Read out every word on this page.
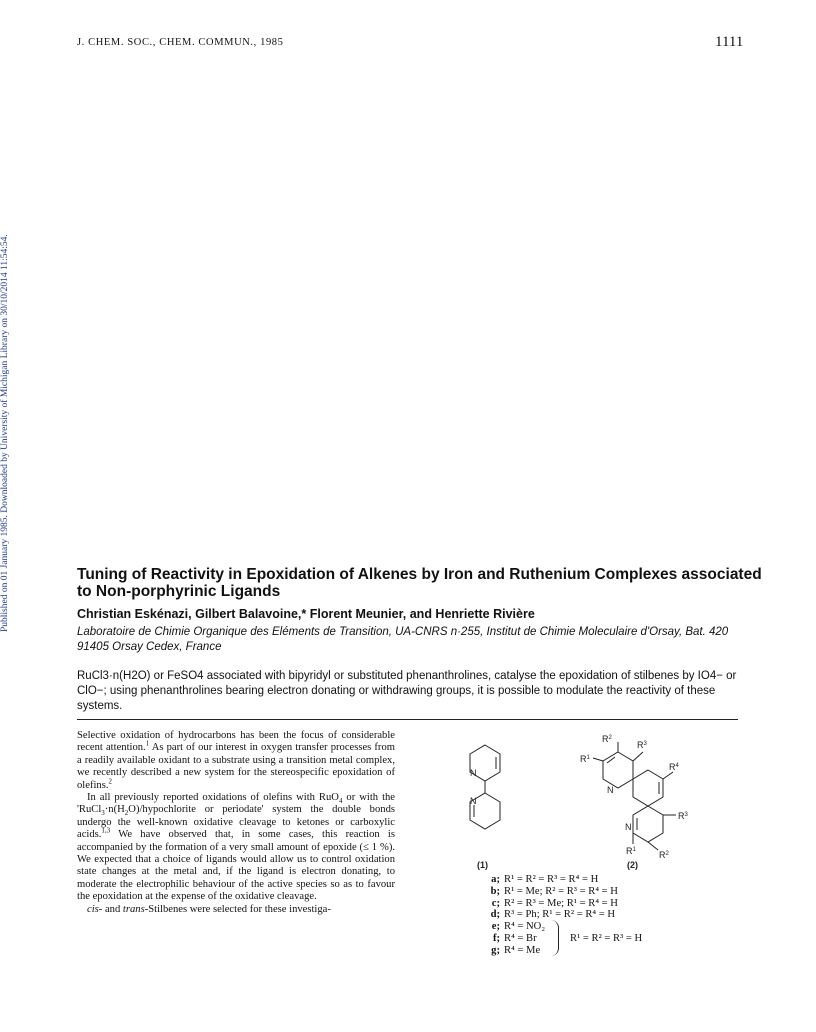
J. CHEM. SOC., CHEM. COMMUN., 1985	1111
Published on 01 January 1985. Downloaded by University of Michigan Library on 30/10/2014 11:54:54.	Tuning of Reactivity in Epoxidation of Alkenes by Iron and Ruthenium Complexes associated to Non-porphyrinic Ligands
Christian Eskénazi, Gilbert Balavoine,* Florent Meunier, and Henriette Rivière
Laboratoire de Chimie Organique des Eléments de Transition, UA-CNRS n·255, Institut de Chimie Moleculaire d'Orsay, Bat. 420 91405 Orsay Cedex, France
RuCl3·n(H2O) or FeSO4 associated with bipyridyl or substituted phenanthrolines, catalyse the epoxidation of stilbenes by IO4− or ClO−; using phenanthrolines bearing electron donating or withdrawing groups, it is possible to modulate the reactivity of these systems.

Selective oxidation of hydrocarbons has been the focus of considerable recent attention.$^1$ As part of our interest in oxygen transfer processes from a readily available oxidant to a substrate using a transition metal complex, we recently described a new system for the stereospecific epoxidation of olefins.$^2$

In all previously reported oxidations of olefins with RuO$_4$ or with the '$RuCl_3\cdot n(H_2O)$/hypochlorite or periodate' system the double bonds undergo the well-known oxidative cleavage to ketones or carboxylic acids.$^{1,3}$ We have observed that, in some cases, this reaction is accompanied by the formation of a very small amount of epoxide (≤ 1 %). We expected that a choice of ligands would allow us to control oxidation state changes at the metal and, if the ligand is electron donating, to moderate the electrophilic behaviour of the active species so as to favour the epoxidation at the expense of the oxidative cleavage.

cis- and trans-Stilbenes were selected for these investiga-

N
N
$R^2$
$R^3$
$R^1$
$R^4$
N
N
$R^3$
$R^2$
$R^1$
(1)	(2)
a; R¹ = R² = R³ = R⁴ = H
b; R¹ = Me; R² = R³ = R⁴ = H
c; R² = R³ = Me; R¹ = R⁴ = H
d; R³ = Ph; R¹ = R² = R⁴ = H
e; R⁴ = NO₂
f; R⁴ = Br
g; R⁴ = Me
R¹ = R² = R³ = H
